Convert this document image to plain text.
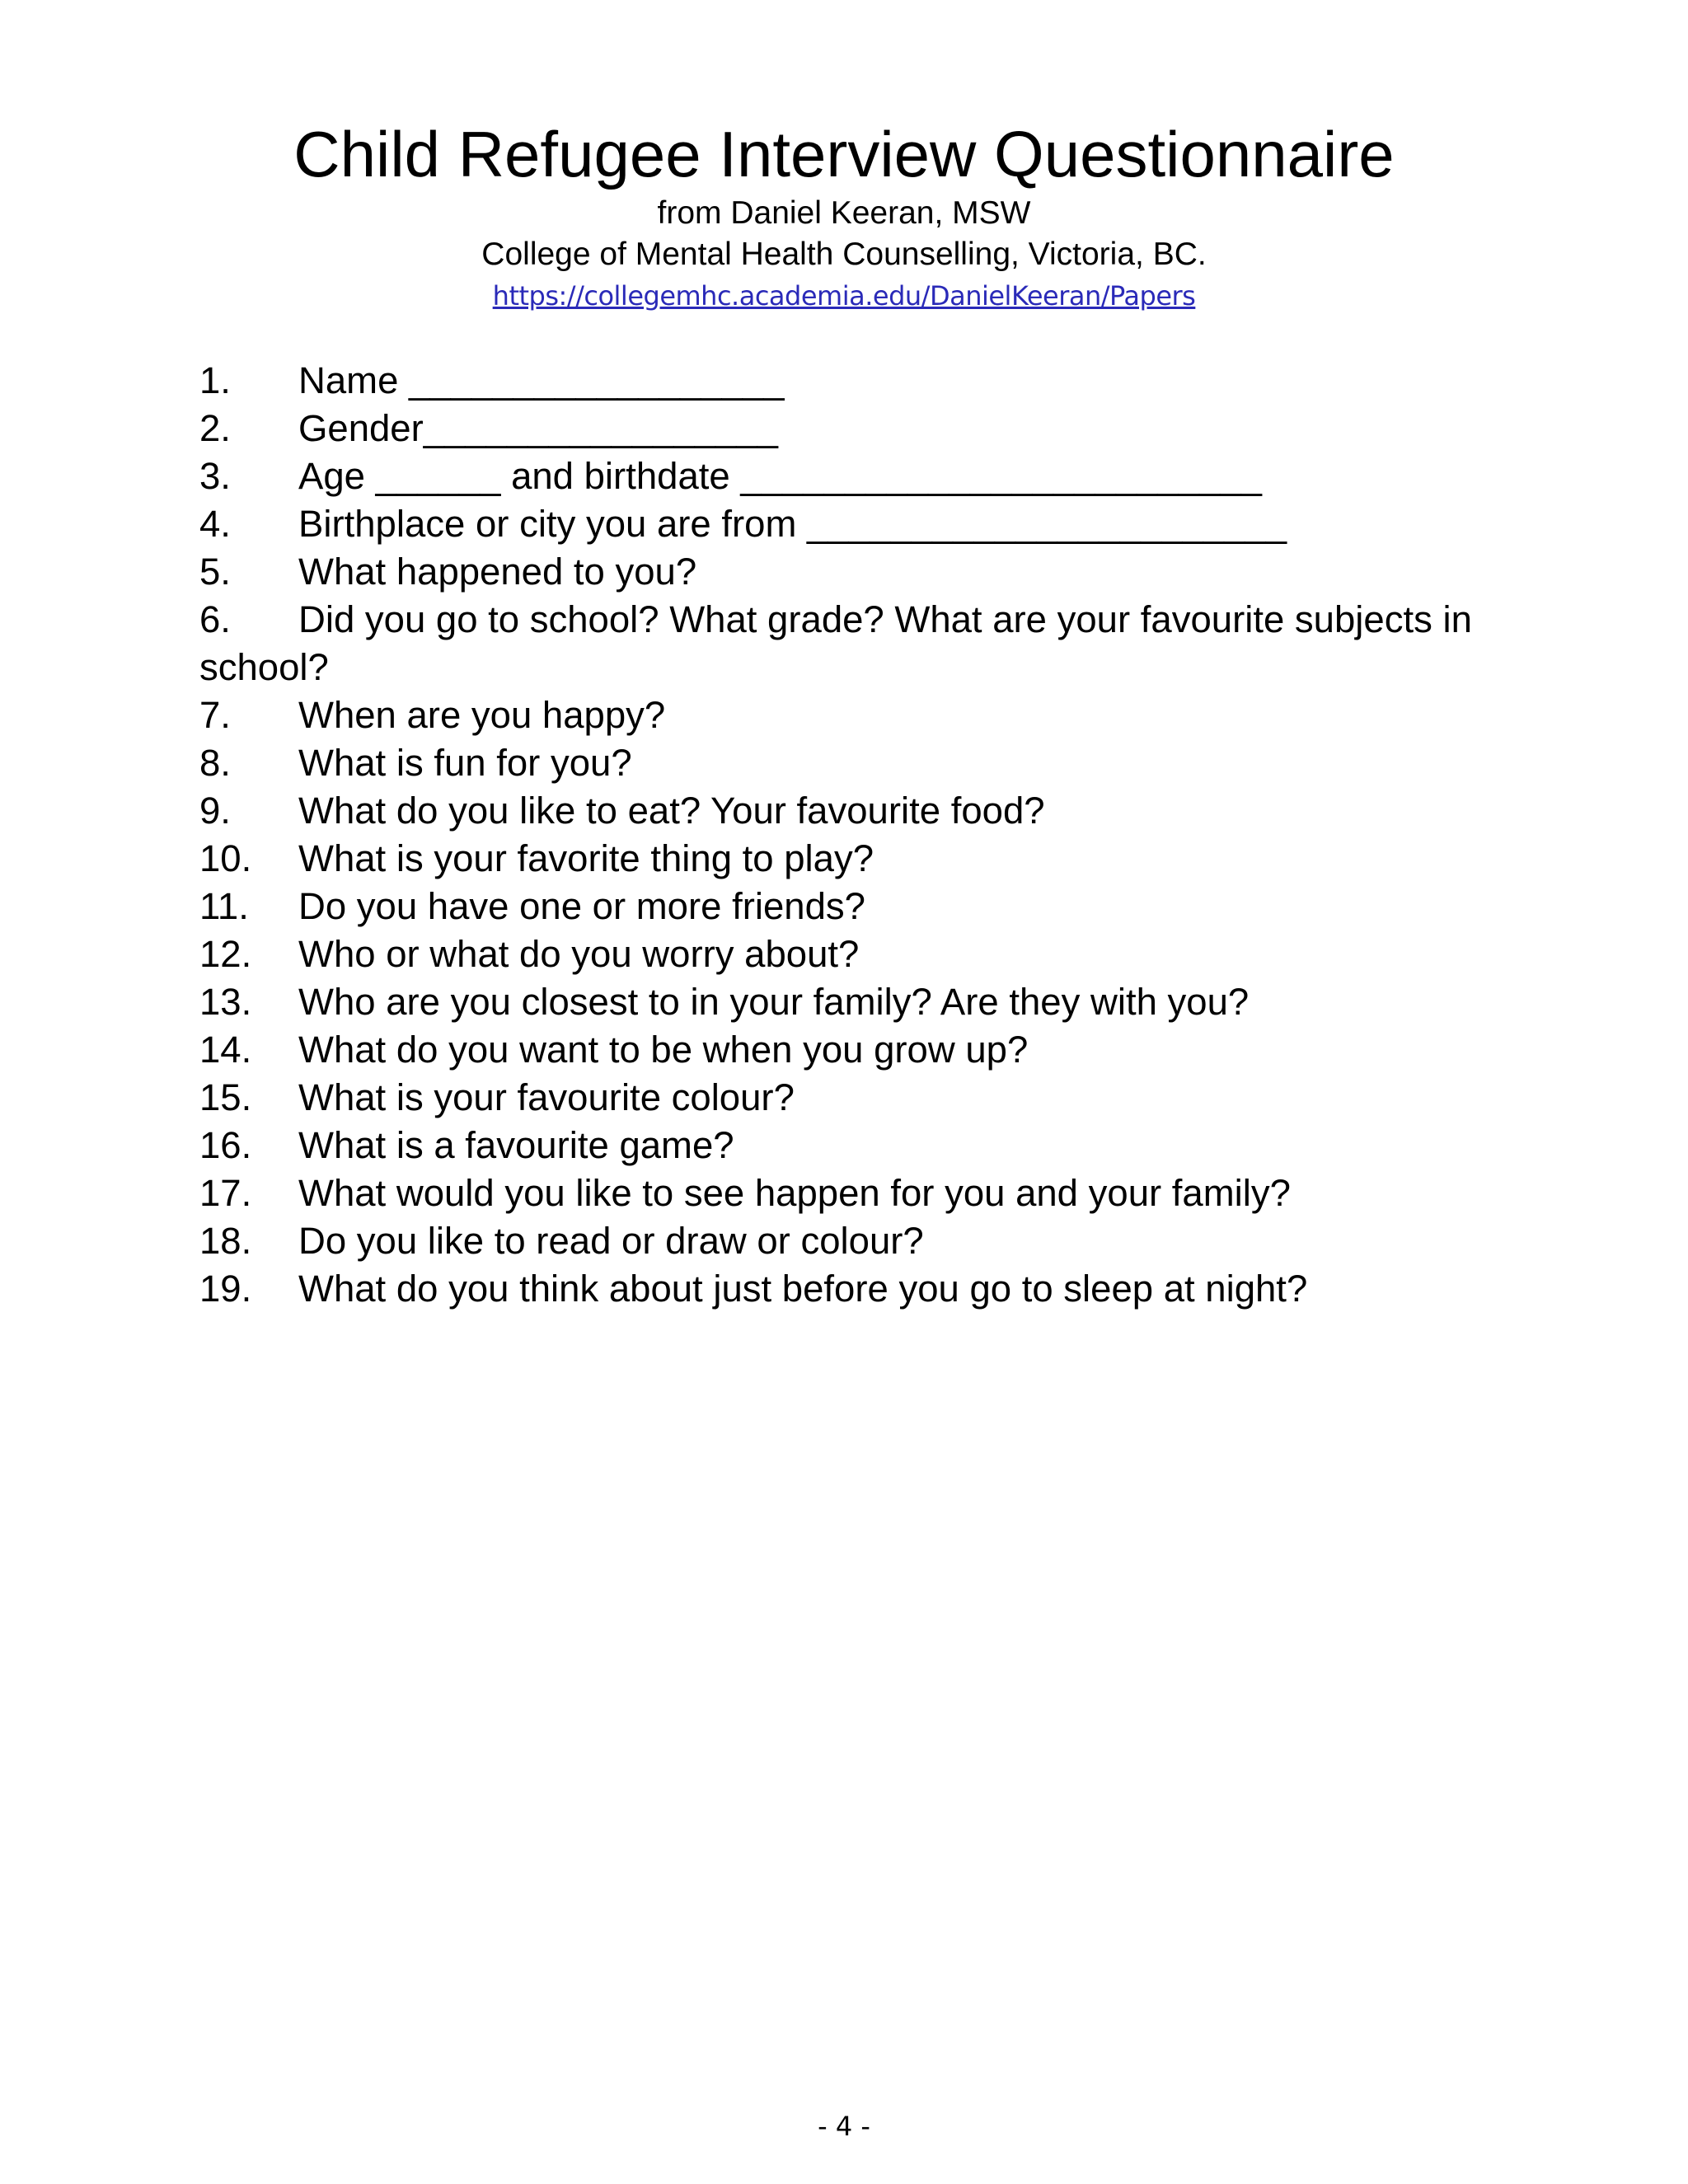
Child Refugee Interview Questionnaire

from Daniel Keeran, MSW

College of Mental Health Counselling, Victoria, BC.

https://collegemhc.academia.edu/DanielKeeran/Papers
1. Name __________________
2. Gender_________________
3. Age ______ and birthdate _________________________
4. Birthplace or city you are from _______________________
5. What happened to you?
6. Did you go to school? What grade? What are your favourite subjects in school?
7. When are you happy?
8. What is fun for you?
9. What do you like to eat? Your favourite food?
10. What is your favorite thing to play?
11. Do you have one or more friends?
12. Who or what do you worry about?
13. Who are you closest to in your family? Are they with you?
14. What do you want to be when you grow up?
15. What is your favourite colour?
16. What is a favourite game?
17. What would you like to see happen for you and your family?
18. Do you like to read or draw or colour?
19. What do you think about just before you go to sleep at night?
- 4 -
